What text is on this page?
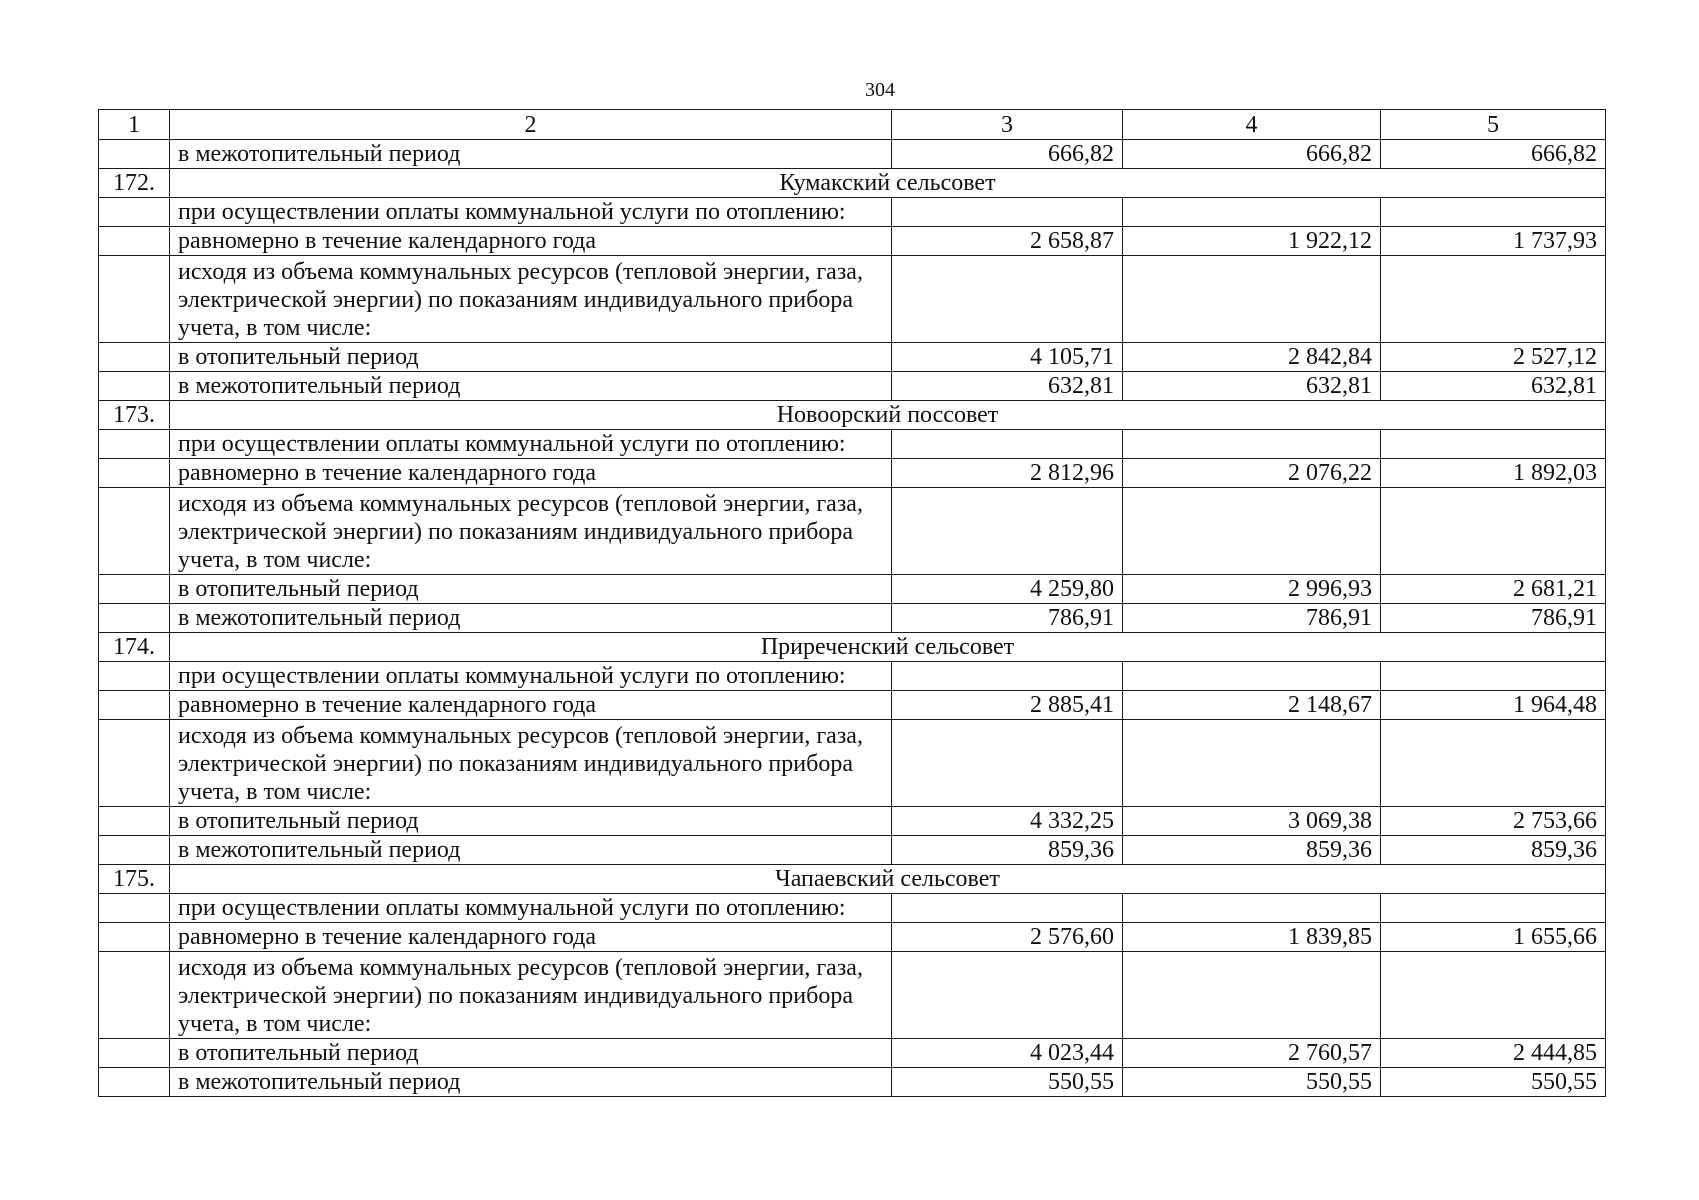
304
1	2	3	4	5
	в межотопительный период	666,82	666,82	666,82
172.	Кумакский сельсовет			
	при осуществлении оплаты коммунальной услуги по отоплению:			
	равномерно в течение календарного года	2 658,87	1 922,12	1 737,93
	исходя из объема коммунальных ресурсов (тепловой энергии, газа, электрической энергии) по показаниям индивидуального прибора учета, в том числе:			
	в отопительный период	4 105,71	2 842,84	2 527,12
	в межотопительный период	632,81	632,81	632,81
173.	Новоорский поссовет			
	при осуществлении оплаты коммунальной услуги по отоплению:			
	равномерно в течение календарного года	2 812,96	2 076,22	1 892,03
	исходя из объема коммунальных ресурсов (тепловой энергии, газа, электрической энергии) по показаниям индивидуального прибора учета, в том числе:			
	в отопительный период	4 259,80	2 996,93	2 681,21
	в межотопительный период	786,91	786,91	786,91
174.	Приреченский сельсовет			
	при осуществлении оплаты коммунальной услуги по отоплению:			
	равномерно в течение календарного года	2 885,41	2 148,67	1 964,48
	исходя из объема коммунальных ресурсов (тепловой энергии, газа, электрической энергии) по показаниям индивидуального прибора учета, в том числе:			
	в отопительный период	4 332,25	3 069,38	2 753,66
	в межотопительный период	859,36	859,36	859,36
175.	Чапаевский сельсовет			
	при осуществлении оплаты коммунальной услуги по отоплению:			
	равномерно в течение календарного года	2 576,60	1 839,85	1 655,66
	исходя из объема коммунальных ресурсов (тепловой энергии, газа, электрической энергии) по показаниям индивидуального прибора учета, в том числе:			
	в отопительный период	4 023,44	2 760,57	2 444,85
	в межотопительный период	550,55	550,55	550,55
